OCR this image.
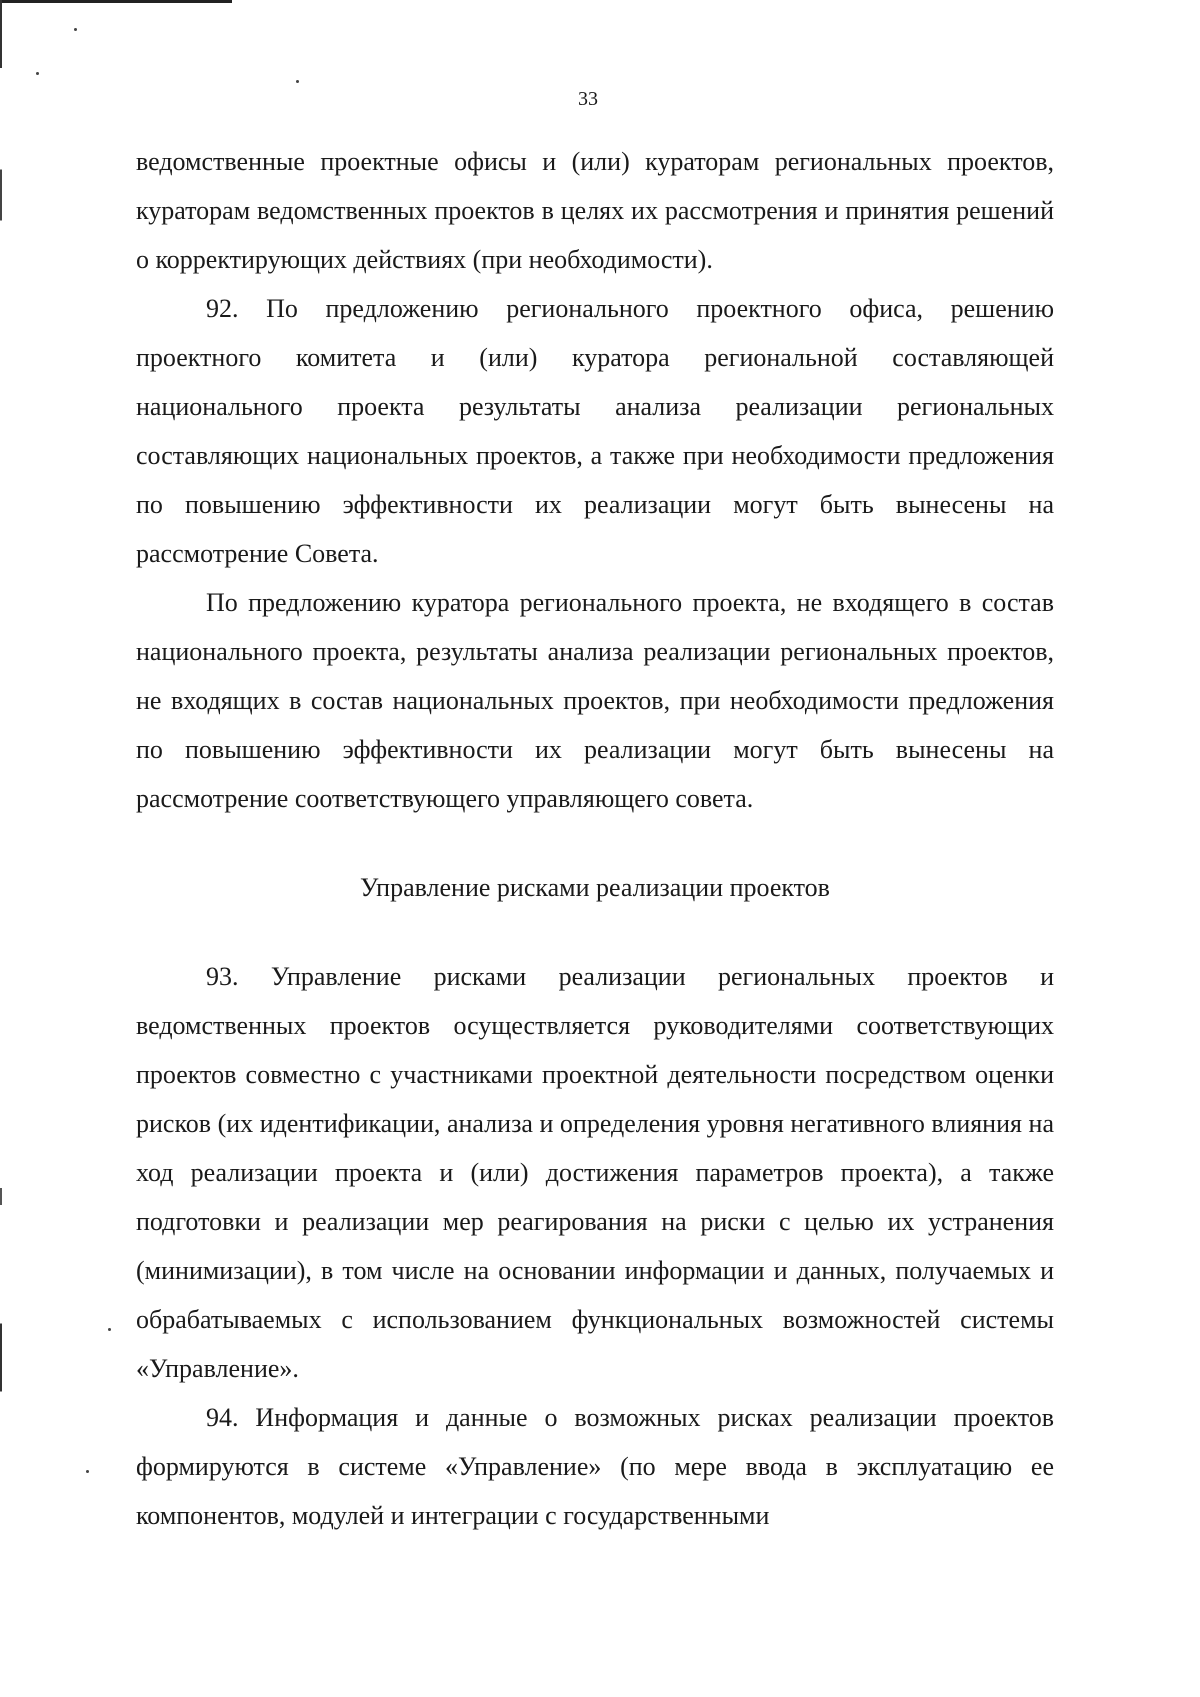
33

ведомственные проектные офисы и (или) кураторам региональных проектов, кураторам ведомственных проектов в целях их рассмотрения и принятия решений о корректирующих действиях (при необходимости).

92. По предложению регионального проектного офиса, решению проектного комитета и (или) куратора региональной составляющей национального проекта результаты анализа реализации региональных составляющих национальных проектов, а также при необходимости предложения по повышению эффективности их реализации могут быть вынесены на рассмотрение Совета.

По предложению куратора регионального проекта, не входящего в состав национального проекта, результаты анализа реализации региональных проектов, не входящих в состав национальных проектов, при необходимости предложения по повышению эффективности их реализации могут быть вынесены на рассмотрение соответствующего управляющего совета.

Управление рисками реализации проектов

93. Управление рисками реализации региональных проектов и ведомственных проектов осуществляется руководителями соответствующих проектов совместно с участниками проектной деятельности посредством оценки рисков (их идентификации, анализа и определения уровня негативного влияния на ход реализации проекта и (или) достижения параметров проекта), а также подготовки и реализации мер реагирования на риски с целью их устранения (минимизации), в том числе на основании информации и данных, получаемых и обрабатываемых с использованием функциональных возможностей системы «Управление».

94. Информация и данные о возможных рисках реализации проектов формируются в системе «Управление» (по мере ввода в эксплуатацию ее компонентов, модулей и интеграции с государственными
